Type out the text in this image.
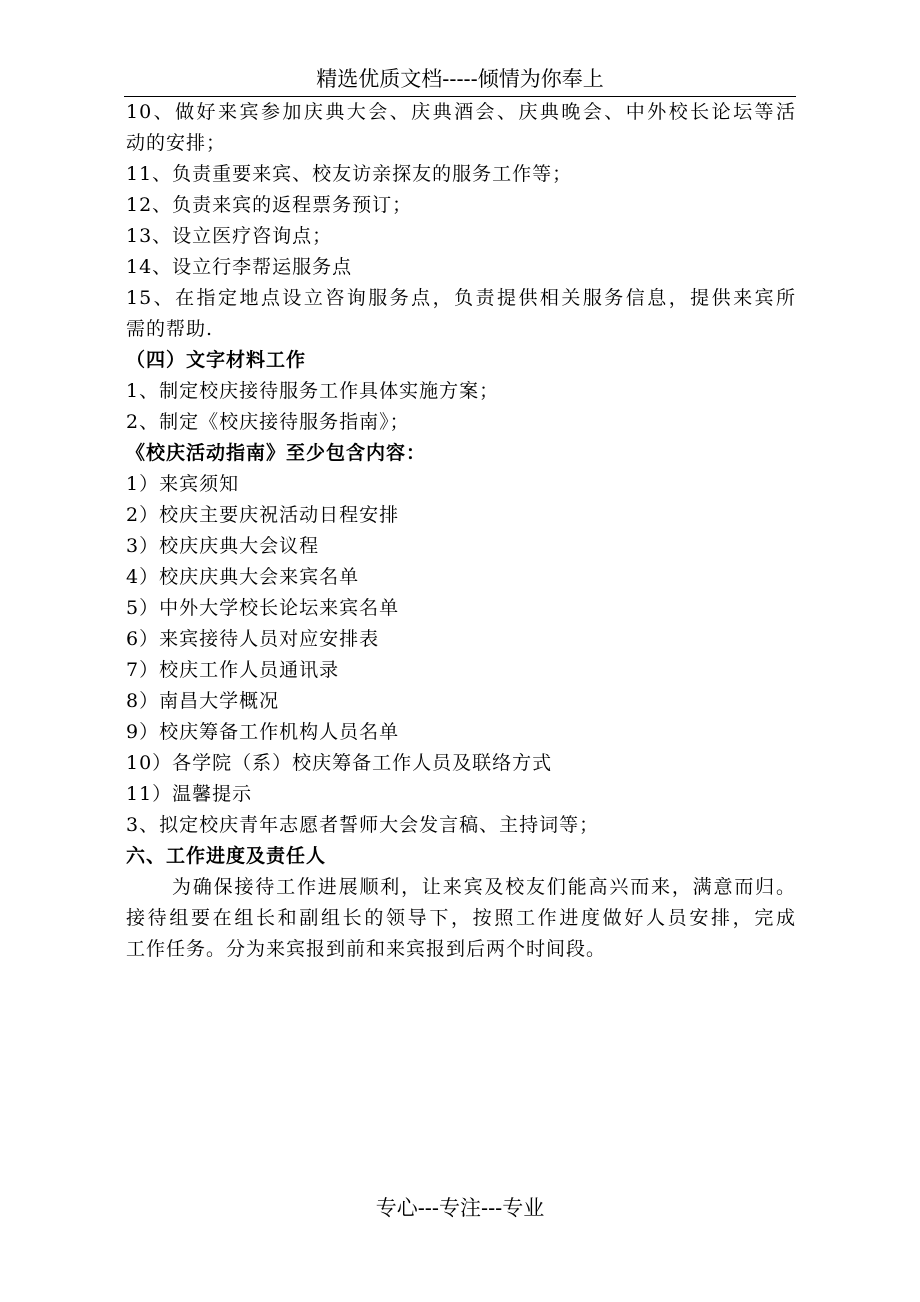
精选优质文档-----倾情为你奉上
10、做好来宾参加庆典大会、庆典酒会、庆典晚会、中外校长论坛等活
动的安排；
11、负责重要来宾、校友访亲探友的服务工作等；
12、负责来宾的返程票务预订；
13、设立医疗咨询点；
14、设立行李帮运服务点
15、在指定地点设立咨询服务点，负责提供相关服务信息，提供来宾所
需的帮助.
（四）文字材料工作
1、制定校庆接待服务工作具体实施方案；
2、制定《校庆接待服务指南》；
《校庆活动指南》至少包含内容：
1）来宾须知
2）校庆主要庆祝活动日程安排
3）校庆庆典大会议程
4）校庆庆典大会来宾名单
5）中外大学校长论坛来宾名单
6）来宾接待人员对应安排表
7）校庆工作人员通讯录
8）南昌大学概况
9）校庆筹备工作机构人员名单
10）各学院（系）校庆筹备工作人员及联络方式
11）温馨提示
3、拟定校庆青年志愿者誓师大会发言稿、主持词等；
六、工作进度及责任人
为确保接待工作进展顺利，让来宾及校友们能高兴而来，满意而归。
接待组要在组长和副组长的领导下，按照工作进度做好人员安排，完成
工作任务。分为来宾报到前和来宾报到后两个时间段。
专心---专注---专业
